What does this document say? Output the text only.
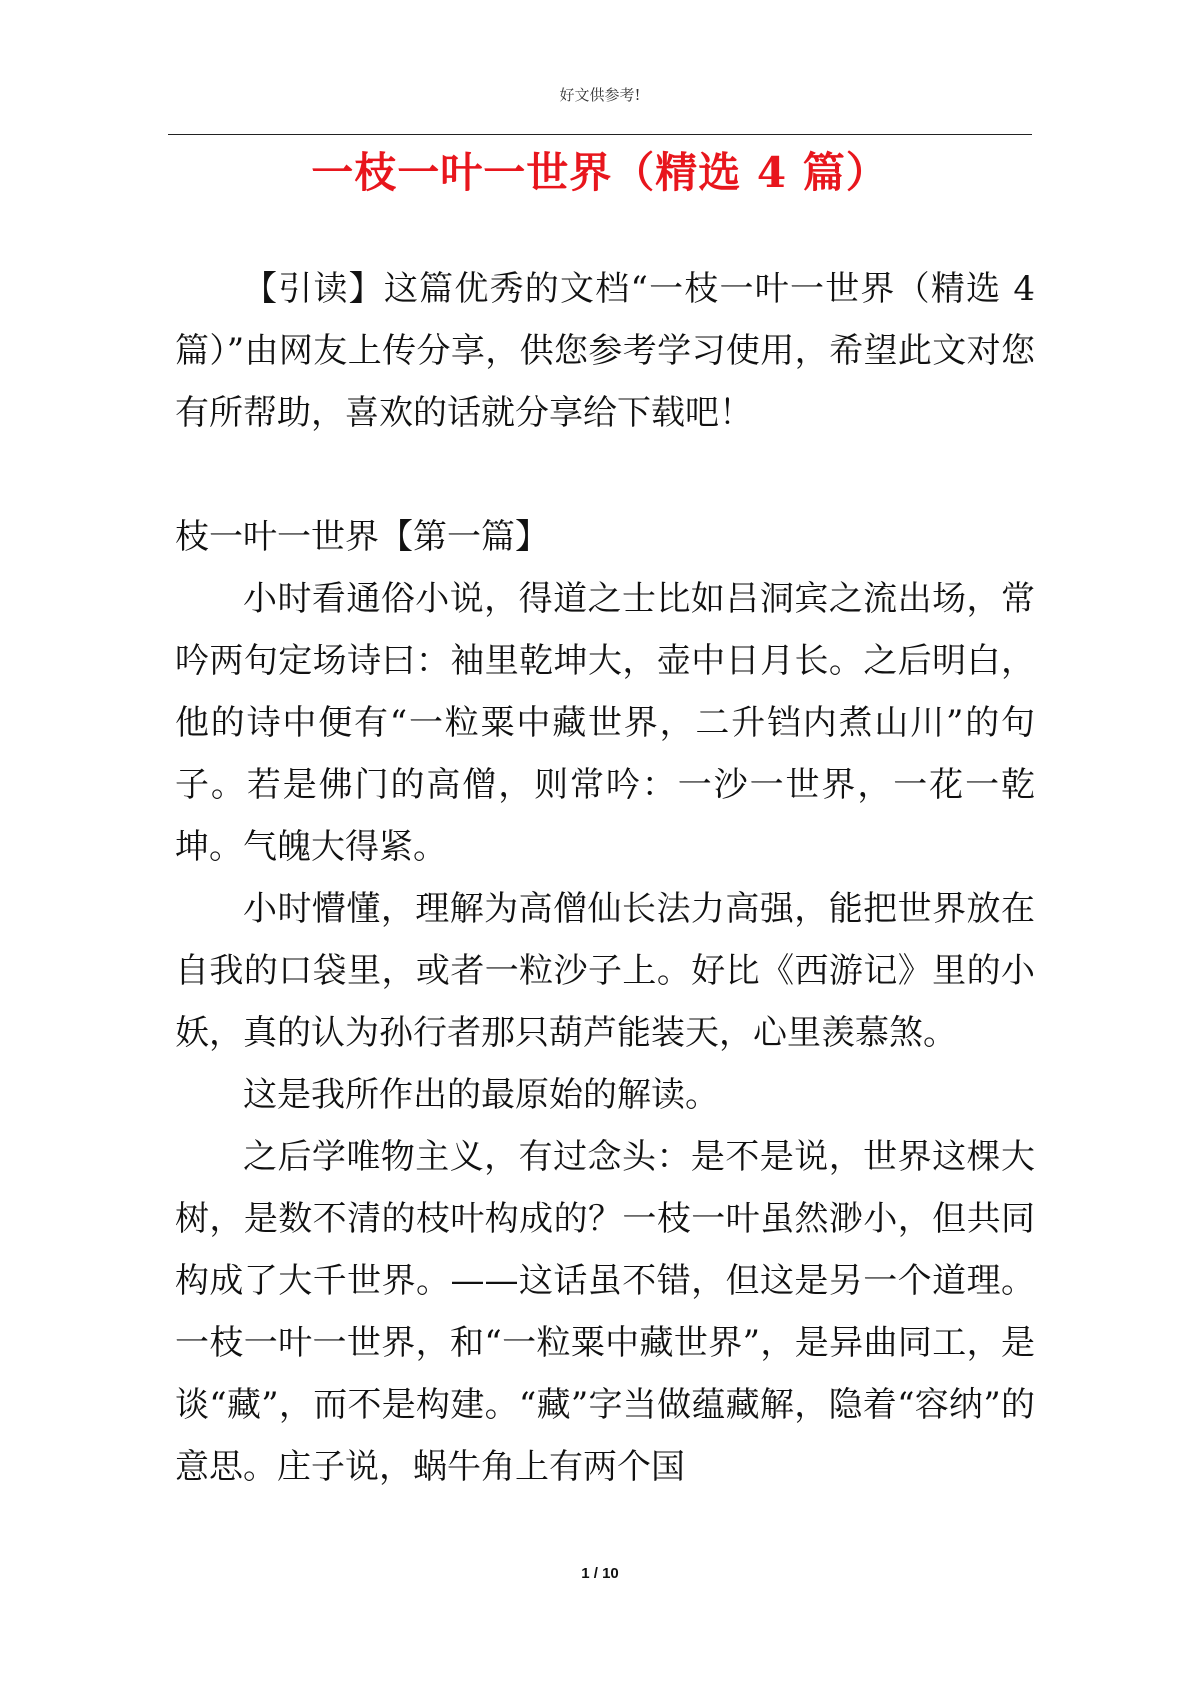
好文供参考!
一枝一叶一世界（精选 4 篇）

【引读】这篇优秀的文档“一枝一叶一世界（精选 4 篇）”由网友上传分享，供您参考学习使用，希望此文对您有所帮助，喜欢的话就分享给下载吧！

枝一叶一世界【第一篇】

小时看通俗小说，得道之士比如吕洞宾之流出场，常吟两句定场诗曰：袖里乾坤大，壶中日月长。之后明白，他的诗中便有“一粒粟中藏世界，二升铛内煮山川”的句子。若是佛门的高僧，则常吟：一沙一世界，一花一乾坤。气魄大得紧。

小时懵懂，理解为高僧仙长法力高强，能把世界放在自我的口袋里，或者一粒沙子上。好比《西游记》里的小妖，真的认为孙行者那只葫芦能装天，心里羡慕煞。

这是我所作出的最原始的解读。

之后学唯物主义，有过念头：是不是说，世界这棵大树，是数不清的枝叶构成的？一枝一叶虽然渺小，但共同构成了大千世界。——这话虽不错，但这是另一个道理。一枝一叶一世界，和“一粒粟中藏世界”，是异曲同工，是谈“藏”，而不是构建。“藏”字当做蕴藏解，隐着“容纳”的意思。庄子说，蜗牛角上有两个国

1 / 10
